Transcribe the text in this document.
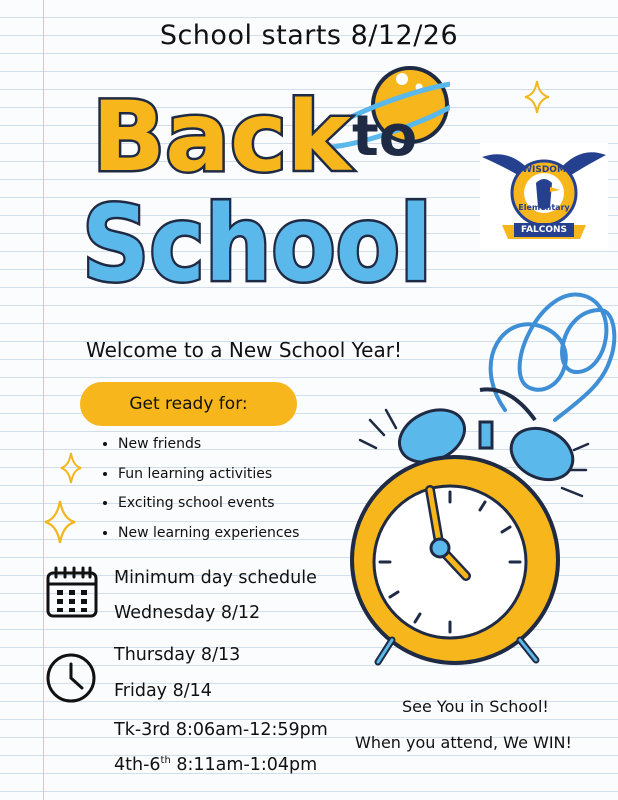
School starts 8/12/26
Back to
School
WISDOM
Elementary
FALCONS
Welcome to a New School Year!
Get ready for:
• New friends
• Fun learning activities
• Exciting school events
• New learning experiences
Minimum day schedule
Wednesday 8/12
Thursday 8/13
Friday 8/14
Tk-3rd 8:06am-12:59pm
4th-6th 8:11am-1:04pm
See You in School!
When you attend, We WIN!
